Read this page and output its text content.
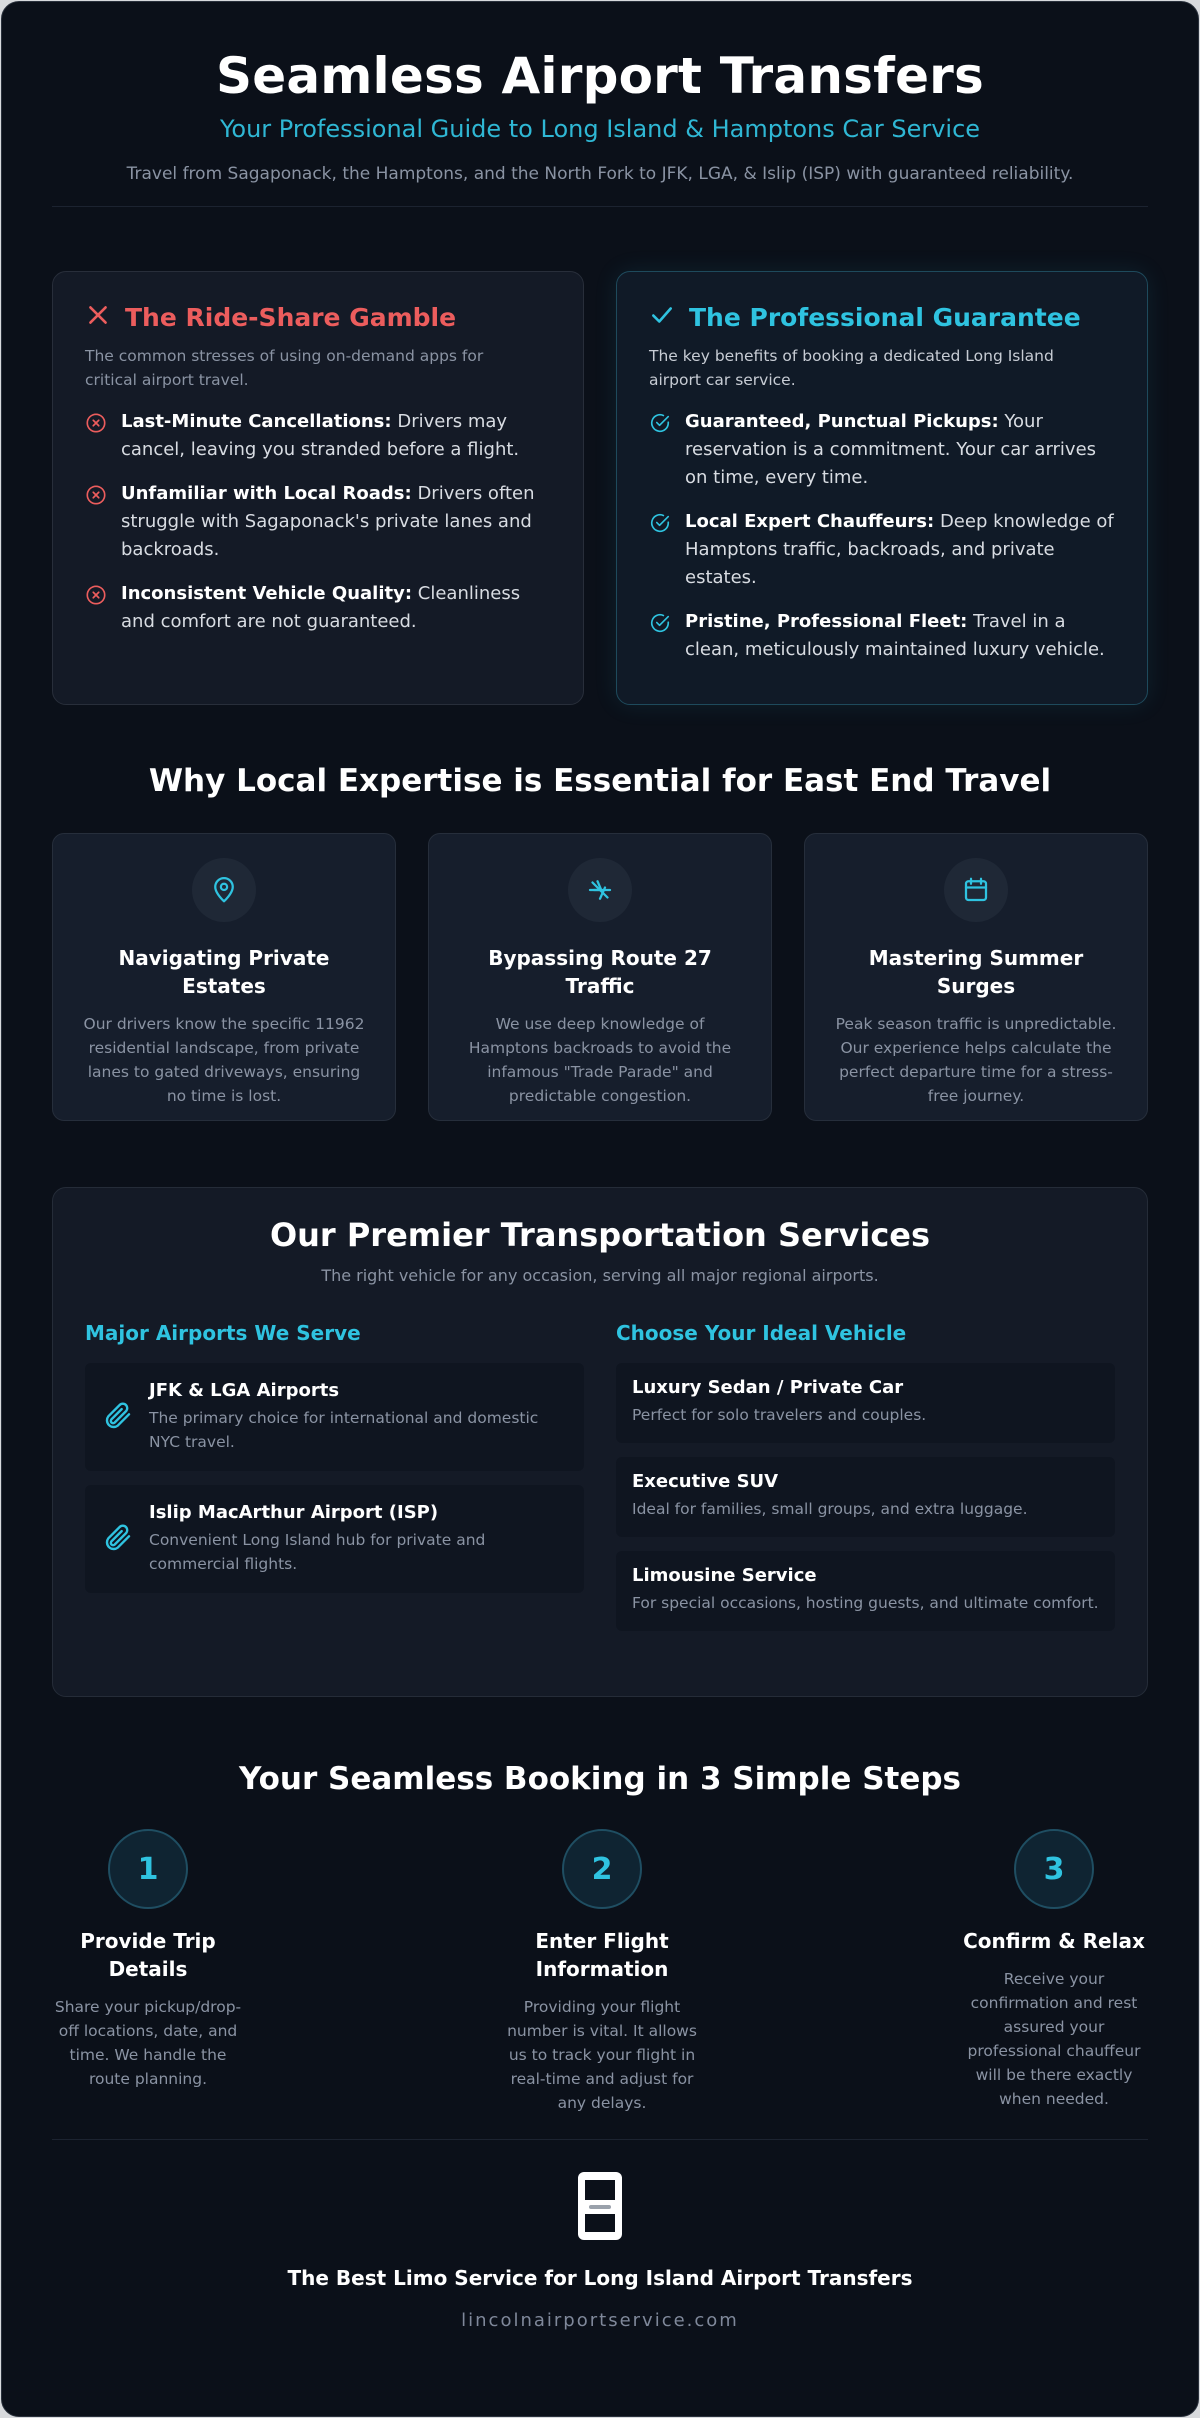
Seamless Airport Transfers
Your Professional Guide to Long Island & Hamptons Car Service
Travel from Sagaponack, the Hamptons, and the North Fork to JFK, LGA, & Islip (ISP) with guaranteed reliability.
The Ride-Share Gamble
The common stresses of using on-demand apps for critical airport travel.
Last-Minute Cancellations: Drivers may cancel, leaving you stranded before a flight.
Unfamiliar with Local Roads: Drivers often struggle with Sagaponack's private lanes and backroads.
Inconsistent Vehicle Quality: Cleanliness and comfort are not guaranteed.
The Professional Guarantee
The key benefits of booking a dedicated Long Island airport car service.
Guaranteed, Punctual Pickups: Your reservation is a commitment. Your car arrives on time, every time.
Local Expert Chauffeurs: Deep knowledge of Hamptons traffic, backroads, and private estates.
Pristine, Professional Fleet: Travel in a clean, meticulously maintained luxury vehicle.
Why Local Expertise is Essential for East End Travel
Navigating Private Estates

Our drivers know the specific 11962 residential landscape, from private lanes to gated driveways, ensuring no time is lost.

Bypassing Route 27 Traffic

We use deep knowledge of Hamptons backroads to avoid the infamous "Trade Parade" and predictable congestion.

Mastering Summer Surges

Peak season traffic is unpredictable. Our experience helps calculate the perfect departure time for a stress-free journey.

Our Premier Transportation Services
The right vehicle for any occasion, serving all major regional airports.
Major Airports We Serve
JFK & LGA Airports
The primary choice for international and domestic NYC travel.
Islip MacArthur Airport (ISP)
Convenient Long Island hub for private and commercial flights.
Choose Your Ideal Vehicle
Luxury Sedan / Private Car
Perfect for solo travelers and couples.
Executive SUV
Ideal for families, small groups, and extra luggage.
Limousine Service
For special occasions, hosting guests, and ultimate comfort.
Your Seamless Booking in 3 Simple Steps
1
Provide Trip Details

Share your pickup/drop-off locations, date, and time. We handle the route planning.

2
Enter Flight Information

Providing your flight number is vital. It allows us to track your flight in real-time and adjust for any delays.

3
Confirm & Relax

Receive your confirmation and rest assured your professional chauffeur will be there exactly when needed.

The Best Limo Service for Long Island Airport Transfers
lincolnairportservice.com
